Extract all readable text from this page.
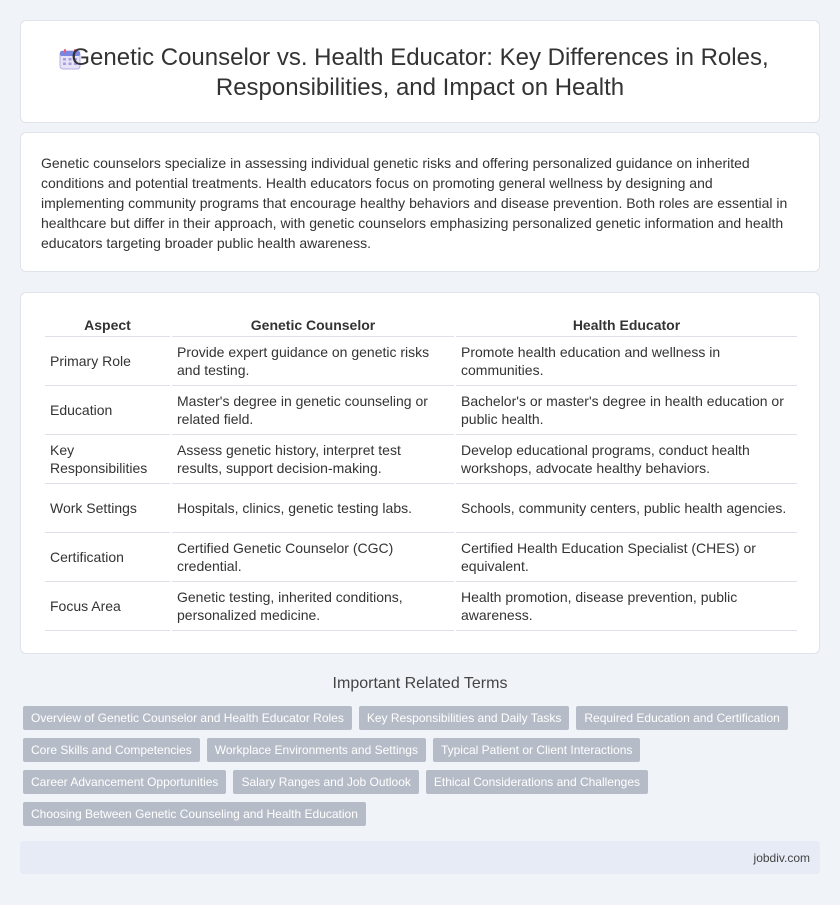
Genetic Counselor vs. Health Educator: Key Differences in Roles,
Responsibilities, and Impact on Health

Genetic counselors specialize in assessing individual genetic risks and offering personalized guidance on inherited conditions and potential treatments. Health educators focus on promoting general wellness by designing and implementing community programs that encourage healthy behaviors and disease prevention. Both roles are essential in healthcare but differ in their approach, with genetic counselors emphasizing personalized genetic information and health educators targeting broader public health awareness.

Aspect	Genetic Counselor	Health Educator
Primary Role	Provide expert guidance on genetic risks and testing.	Promote health education and wellness in communities.
Education	Master's degree in genetic counseling or related field.	Bachelor's or master's degree in health education or public health.
Key Responsibilities	Assess genetic history, interpret test results, support decision-making.	Develop educational programs, conduct health workshops, advocate healthy behaviors.
Work Settings	Hospitals, clinics, genetic testing labs.	Schools, community centers, public health agencies.
Certification	Certified Genetic Counselor (CGC) credential.	Certified Health Education Specialist (CHES) or equivalent.
Focus Area	Genetic testing, inherited conditions, personalized medicine.	Health promotion, disease prevention, public awareness.
Important Related Terms
Overview of Genetic Counselor and Health Educator Roles	Key Responsibilities and Daily Tasks	Required Education and Certification
Core Skills and Competencies	Workplace Environments and Settings	Typical Patient or Client Interactions
Career Advancement Opportunities	Salary Ranges and Job Outlook	Ethical Considerations and Challenges
Choosing Between Genetic Counseling and Health Education
jobdiv.com
